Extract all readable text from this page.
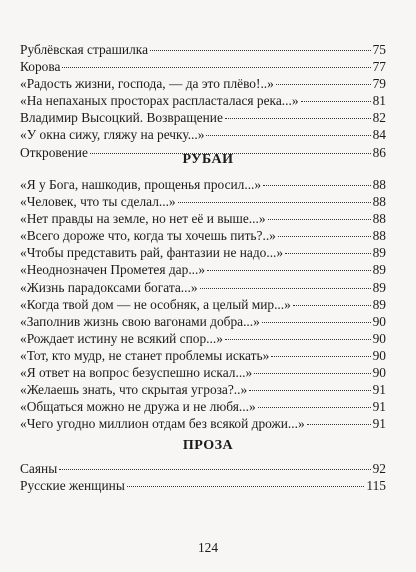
Рублёвская страшилка	75
Корова	77
«Радость жизни, господа, — да это плёво!..»	79
«На непаханых просторах распласталася река...»	81
Владимир Высоцкий. Возвращение	82
«У окна сижу, гляжу на речку...»	84
Откровение	86
РУБАИ
«Я у Бога, нашкодив, прощенья просил...»	88
«Человек, что ты сделал...»	88
«Нет правды на земле, но нет её и выше...»	88
«Всего дороже что, когда ты хочешь пить?..»	88
«Чтобы представить рай, фантазии не надо...»	89
«Неоднозначен Прометея дар...»	89
«Жизнь парадоксами богата...»	89
«Когда твой дом — не особняк, а целый мир...»	89
«Заполнив жизнь свою вагонами добра...»	90
«Рождает истину не всякий спор...»	90
«Тот, кто мудр, не станет проблемы искать»	90
«Я ответ на вопрос безуспешно искал...»	90
«Желаешь знать, что скрытая угроза?..»	91
«Общаться можно не дружа и не любя...»	91
«Чего угодно миллион отдам без всякой дрожи...»	91
ПРОЗА
Саяны	92
Русские женщины	115
124
